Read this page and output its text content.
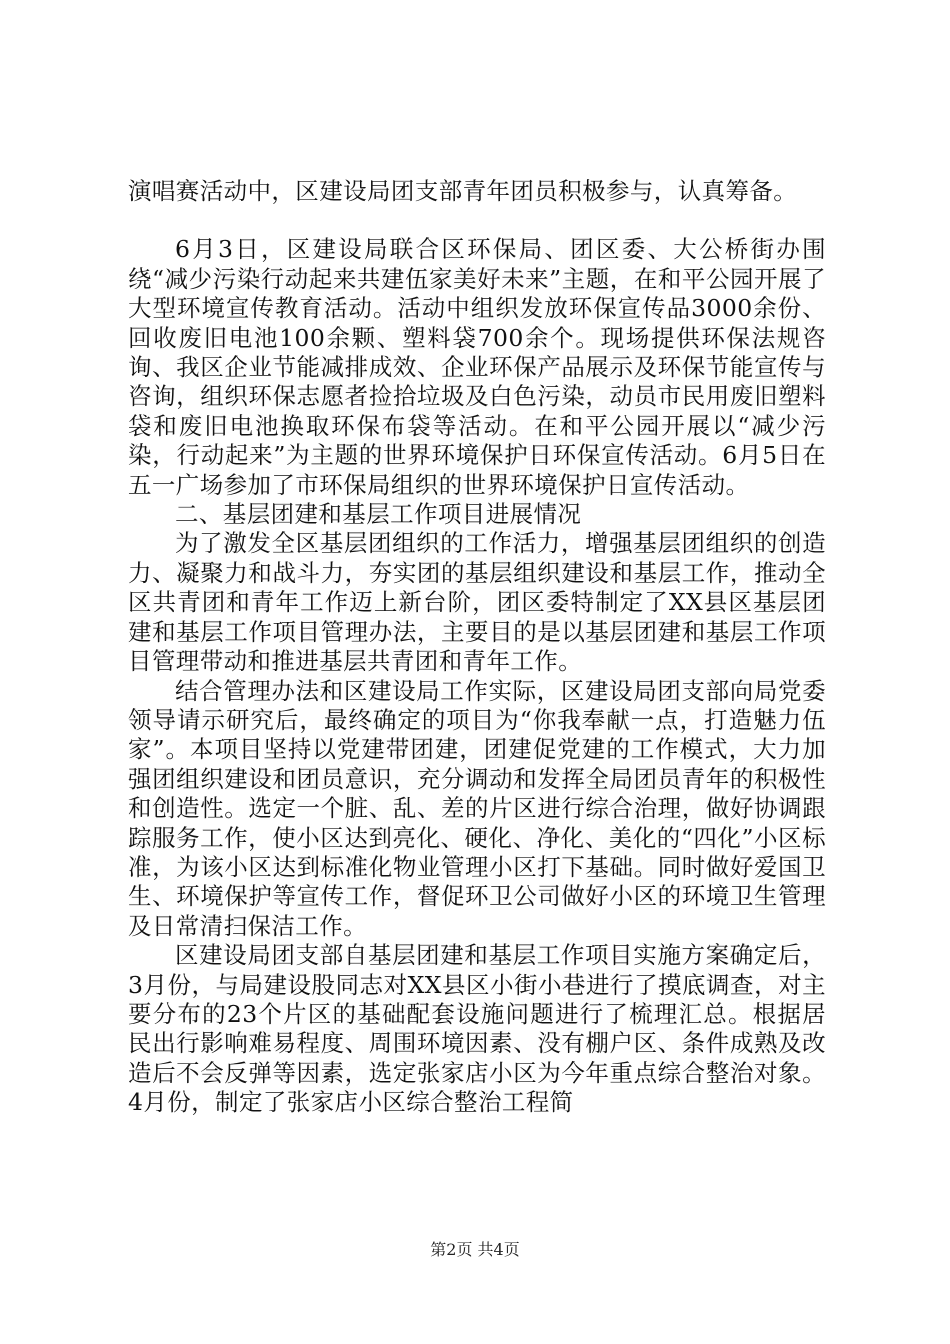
演唱赛活动中，区建设局团支部青年团员积极参与，认真筹备。

6月3日，区建设局联合区环保局、团区委、大公桥街办围绕“减少污染行动起来共建伍家美好未来”主题，在和平公园开展了大型环境宣传教育活动。活动中组织发放环保宣传品3000余份、回收废旧电池100余颗、塑料袋700余个。现场提供环保法规咨询、我区企业节能减排成效、企业环保产品展示及环保节能宣传与咨询，组织环保志愿者捡拾垃圾及白色污染，动员市民用废旧塑料袋和废旧电池换取环保布袋等活动。在和平公园开展以“减少污染，行动起来”为主题的世界环境保护日环保宣传活动。6月5日在五一广场参加了市环保局组织的世界环境保护日宣传活动。

二、基层团建和基层工作项目进展情况

为了激发全区基层团组织的工作活力，增强基层团组织的创造力、凝聚力和战斗力，夯实团的基层组织建设和基层工作，推动全区共青团和青年工作迈上新台阶，团区委特制定了XX县区基层团建和基层工作项目管理办法，主要目的是以基层团建和基层工作项目管理带动和推进基层共青团和青年工作。

结合管理办法和区建设局工作实际，区建设局团支部向局党委领导请示研究后，最终确定的项目为“你我奉献一点，打造魅力伍家”。本项目坚持以党建带团建，团建促党建的工作模式，大力加强团组织建设和团员意识，充分调动和发挥全局团员青年的积极性和创造性。选定一个脏、乱、差的片区进行综合治理，做好协调跟踪服务工作，使小区达到亮化、硬化、净化、美化的“四化”小区标准，为该小区达到标准化物业管理小区打下基础。同时做好爱国卫生、环境保护等宣传工作，督促环卫公司做好小区的环境卫生管理及日常清扫保洁工作。

区建设局团支部自基层团建和基层工作项目实施方案确定后，3月份，与局建设股同志对XX县区小街小巷进行了摸底调查，对主要分布的23个片区的基础配套设施问题进行了梳理汇总。根据居民出行影响难易程度、周围环境因素、没有棚户区、条件成熟及改造后不会反弹等因素，选定张家店小区为今年重点综合整治对象。4月份，制定了张家店小区综合整治工程简

第2页 共4页
